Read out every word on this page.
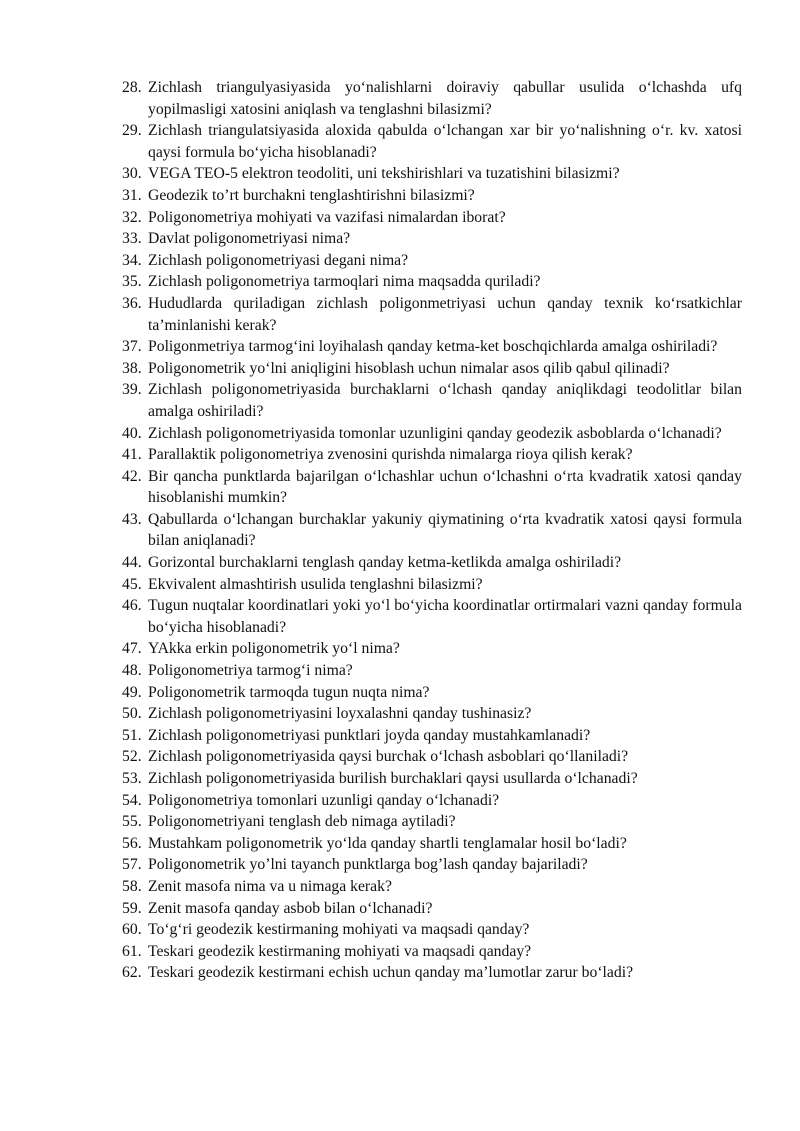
28. Zichlash triangulyasiyasida yo‘nalishlarni doiraviy qabullar usulida o‘lchashda ufq yopilmasligi xatosini aniqlash va tenglashni bilasizmi?
29. Zichlash triangulatsiyasida aloxida qabulda o‘lchangan xar bir yo‘nalishning o‘r. kv. xatosi qaysi formula bo‘yicha hisoblanadi?
30. VEGA TEO-5 elektron teodoliti, uni tekshirishlari va tuzatishini bilasizmi?
31. Geodezik to’rt burchakni tenglashtirishni bilasizmi?
32. Poligonometriya mohiyati va vazifasi nimalardan iborat?
33. Davlat poligonometriyasi nima?
34. Zichlash poligonometriyasi degani nima?
35. Zichlash poligonometriya tarmoqlari nima maqsadda quriladi?
36. Hududlarda quriladigan zichlash poligonmetriyasi uchun qanday texnik ko‘rsatkichlar ta’minlanishi kerak?
37. Poligonmetriya tarmog‘ini loyihalash qanday ketma-ket boschqichlarda amalga oshiriladi?
38. Poligonometrik yo‘lni aniqligini hisoblash uchun nimalar asos qilib qabul qilinadi?
39. Zichlash poligonometriyasida burchaklarni o‘lchash qanday aniqlikdagi teodolitlar bilan amalga oshiriladi?
40. Zichlash poligonometriyasida tomonlar uzunligini qanday geodezik asboblarda o‘lchanadi?
41. Parallaktik poligonometriya zvenosini qurishda nimalarga rioya qilish kerak?
42. Bir qancha punktlarda bajarilgan o‘lchashlar uchun o‘lchashni o‘rta kvadratik xatosi qanday hisoblanishi mumkin?
43. Qabullarda o‘lchangan burchaklar yakuniy qiymatining o‘rta kvadratik xatosi qaysi formula bilan aniqlanadi?
44. Gorizontal burchaklarni tenglash qanday ketma-ketlikda amalga oshiriladi?
45. Ekvivalent almashtirish usulida tenglashni bilasizmi?
46. Tugun nuqtalar koordinatlari yoki yo‘l bo‘yicha koordinatlar ortirmalari vazni qanday formula bo‘yicha hisoblanadi?
47. YAkka erkin poligonometrik yo‘l nima?
48. Poligonometriya tarmog‘i nima?
49. Poligonometrik tarmoqda tugun nuqta nima?
50. Zichlash poligonometriyasini loyxalashni qanday tushinasiz?
51. Zichlash poligonometriyasi punktlari joyda qanday mustahkamlanadi?
52. Zichlash poligonometriyasida qaysi burchak o‘lchash asboblari qo‘llaniladi?
53. Zichlash poligonometriyasida burilish burchaklari qaysi usullarda o‘lchanadi?
54. Poligonometriya tomonlari uzunligi qanday o‘lchanadi?
55. Poligonometriyani tenglash deb nimaga aytiladi?
56. Mustahkam poligonometrik yo‘lda qanday shartli tenglamalar hosil bo‘ladi?
57. Poligonometrik yo’lni tayanch punktlarga bog’lash qanday bajariladi?
58. Zenit masofa nima va u nimaga kerak?
59. Zenit masofa qanday asbob bilan o‘lchanadi?
60. To‘g‘ri geodezik kestirmaning mohiyati va maqsadi qanday?
61. Teskari geodezik kestirmaning mohiyati va maqsadi qanday?
62. Teskari geodezik kestirmani echish uchun qanday ma’lumotlar zarur bo‘ladi?
